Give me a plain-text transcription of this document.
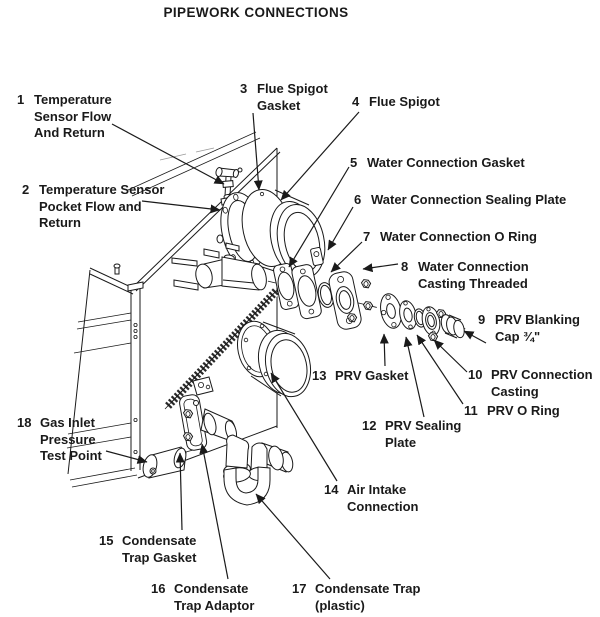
PIPEWORK CONNECTIONS
1 Temperature
Sensor Flow
And Return
2 Temperature Sensor
Pocket Flow and
Return
3 Flue Spigot
Gasket	4 Flue Spigot
5 Water Connection Gasket
6 Water Connection Sealing Plate
7 Water Connection O Ring
8 Water Connection
Casting Threaded
9 PRV Blanking
Cap ¾"
10 PRV Connection
Casting
11 PRV O Ring
12 PRV Sealing
Plate
13 PRV Gasket
14 Air Intake
Connection
15 Condensate
Trap Gasket
16 Condensate
Trap Adaptor
17 Condensate Trap
(plastic)
18 Gas Inlet
Pressure
Test Point
